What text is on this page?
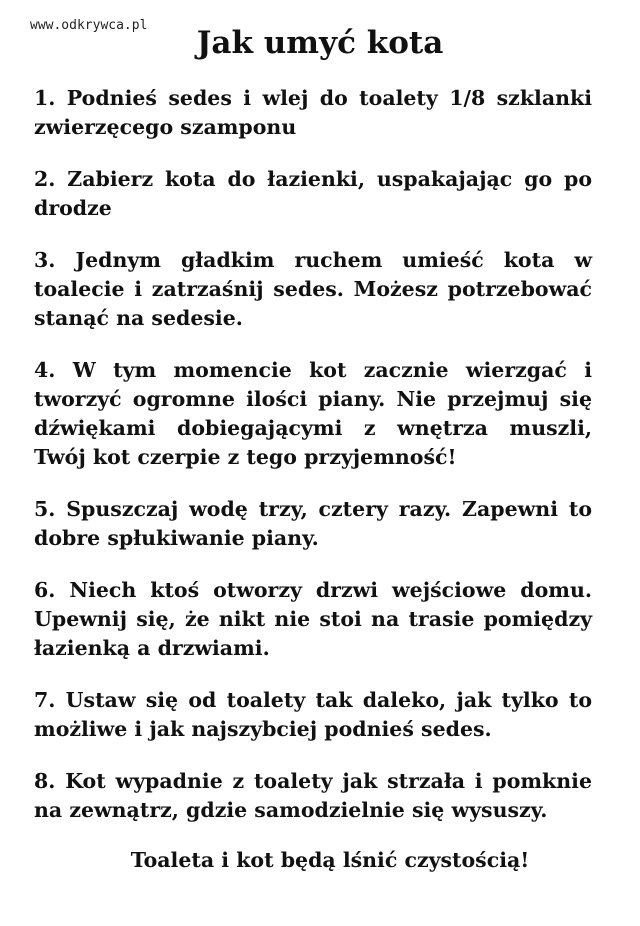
www.odkrywca.pl	Jak umyć kota
1. Podnieś sedes i wlej do toalety 1/8 szklanki zwierzęcego szamponu
2. Zabierz kota do łazienki, uspakajając go po drodze
3. Jednym gładkim ruchem umieść kota w toalecie i zatrzaśnij sedes. Możesz potrzebować stanąć na sedesie.
4. W tym momencie kot zacznie wierzgać i tworzyć ogromne ilości piany. Nie przejmuj się dźwiękami dobiegającymi z wnętrza muszli, Twój kot czerpie z tego przyjemność!
5. Spuszczaj wodę trzy, cztery razy. Zapewni to dobre spłukiwanie piany.
6. Niech ktoś otworzy drzwi wejściowe domu. Upewnij się, że nikt nie stoi na trasie pomiędzy łazienką a drzwiami.
7. Ustaw się od toalety tak daleko, jak tylko to możliwe i jak najszybciej podnieś sedes.
8. Kot wypadnie z toalety jak strzała i pomknie na zewnątrz, gdzie samodzielnie się wysuszy.

Toaleta i kot będą lśnić czystością!
